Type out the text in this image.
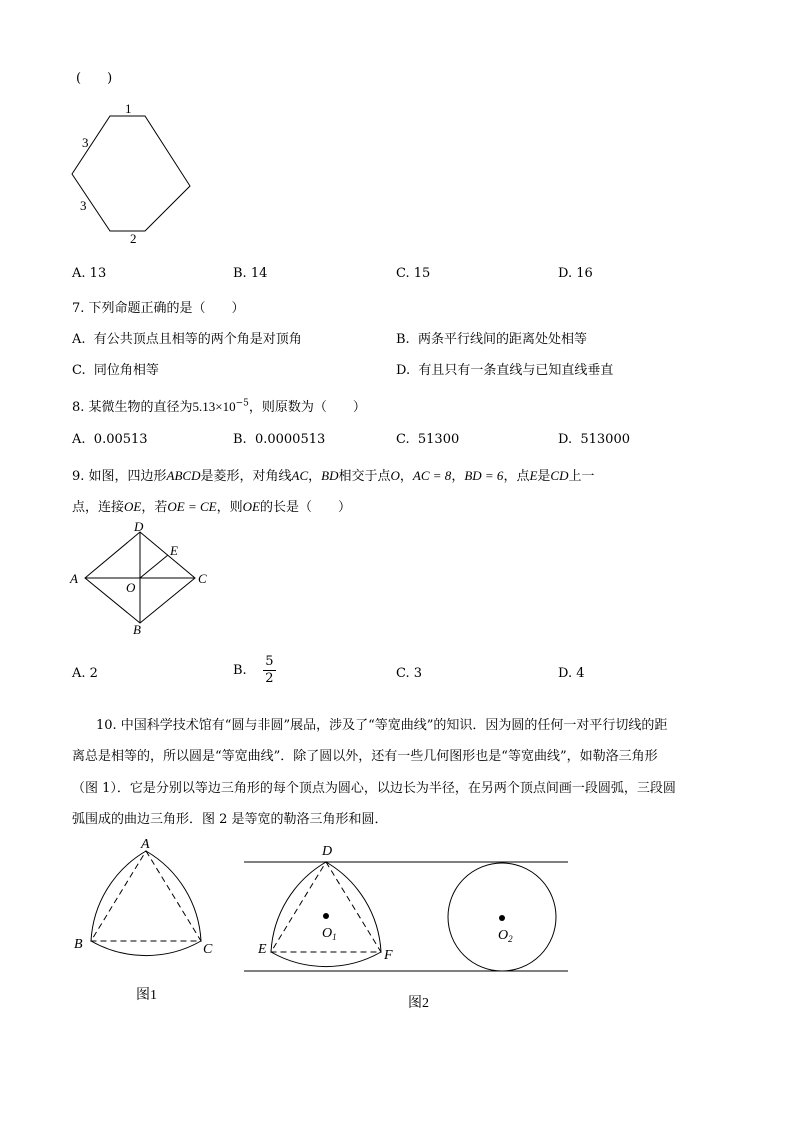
(　　)
1
3
3
2
A. 13	B. 14	C. 15	D. 16
7. 下列命题正确的是（　　）
A. 有公共顶点且相等的两个角是对顶角	B. 两条平行线间的距离处处相等
C. 同位角相等	D. 有且只有一条直线与已知直线垂直
8. 某微生物的直径为$5.13\times 10^{-5}$，则原数为（　　）
A. 0.00513	B. 0.0000513	C. 51300	D. 513000
9. 如图，四边形ABCD是菱形，对角线AC，BD相交于点O，AC = 8，BD = 6，点E是CD上一
点，连接OE，若OE = CE，则OE的长是（　　）
D
E
A	C
O
B
A. 2	B. $\frac{5}{2}$	C. 3	D. 4
10. 中国科学技术馆有“圆与非圆”展品，涉及了“等宽曲线”的知识．因为圆的任何一对平行切线的距
离总是相等的，所以圆是“等宽曲线”．除了圆以外，还有一些几何图形也是“等宽曲线”，如勒洛三角形
（图 1）．它是分别以等边三角形的每个顶点为圆心，以边长为半径，在另两个顶点间画一段圆弧，三段圆
弧围成的曲边三角形．图 2 是等宽的勒洛三角形和圆．
A
B	C
图1
D
E	F
$O_1$	$O_2$
图2
